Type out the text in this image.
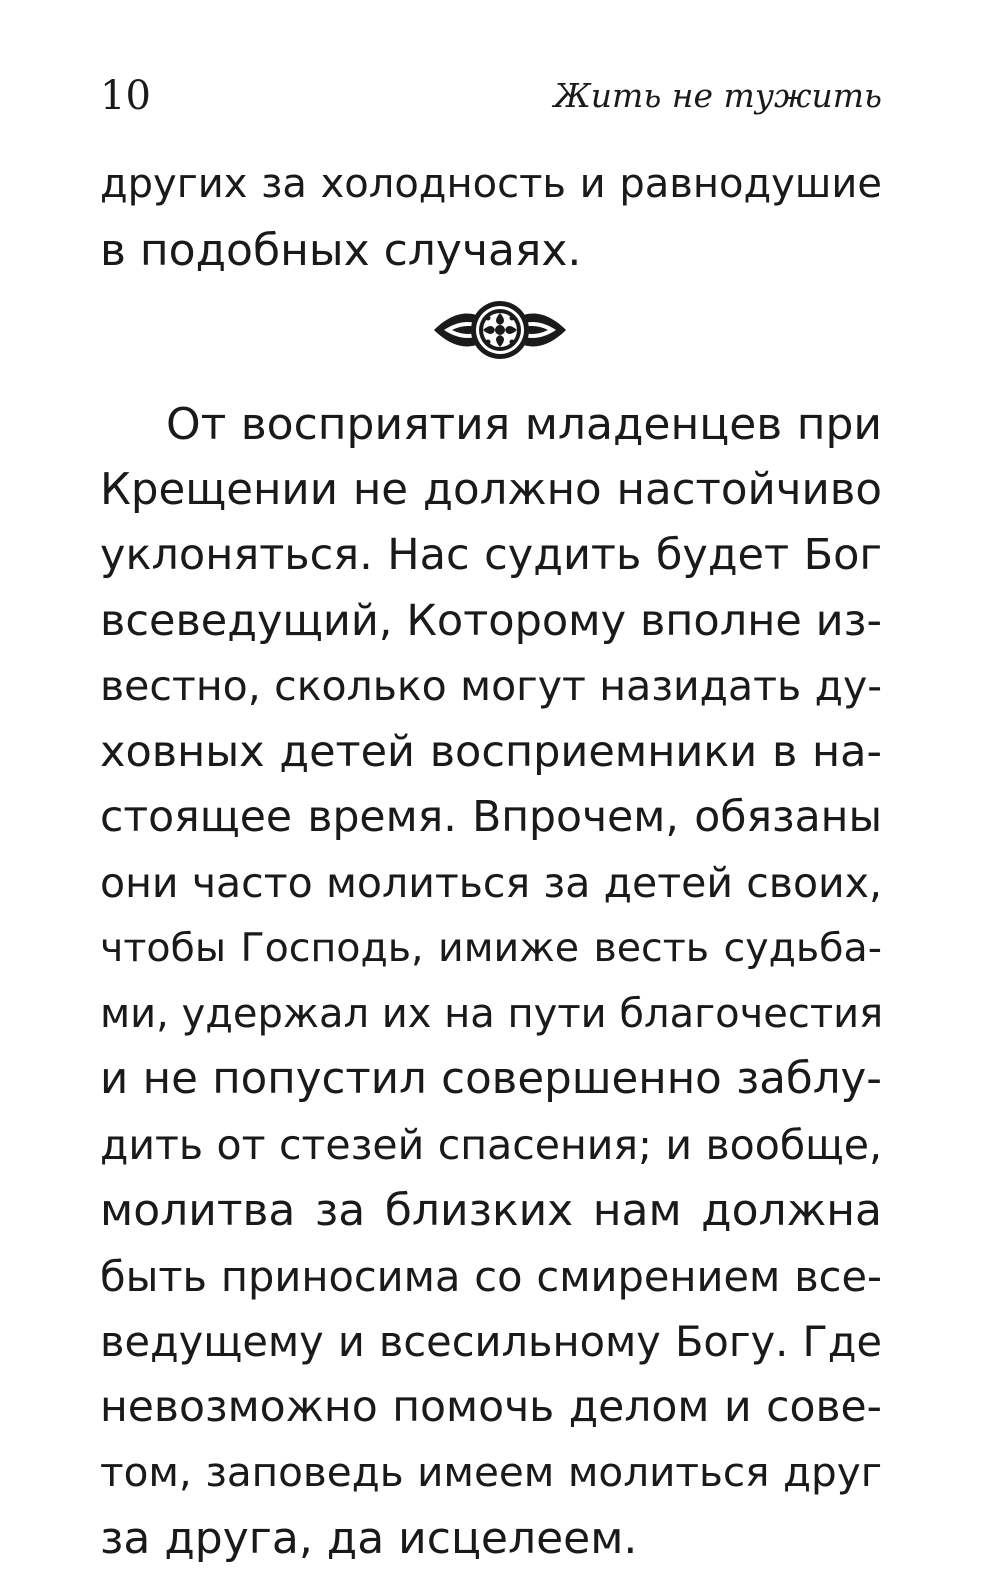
10	Жить не тужить
других за холодность и равнодушие
в подобных случаях.
От восприятия младенцев при
Крещении не должно настойчиво
уклоняться. Нас судить будет Бог
всеведущий, Которому вполне из-
вестно, сколько могут назидать ду-
ховных детей восприемники в на-
стоящее время. Впрочем, обязаны
они часто молиться за детей своих,
чтобы Господь, имиже весть судьба-
ми, удержал их на пути благочестия
и не попустил совершенно заблу-
дить от стезей спасения; и вообще,
молитва за близких нам должна
быть приносима со смирением все-
ведущему и всесильному Богу. Где
невозможно помочь делом и сове-
том, заповедь имеем молиться друг
за друга, да исцелеем.
